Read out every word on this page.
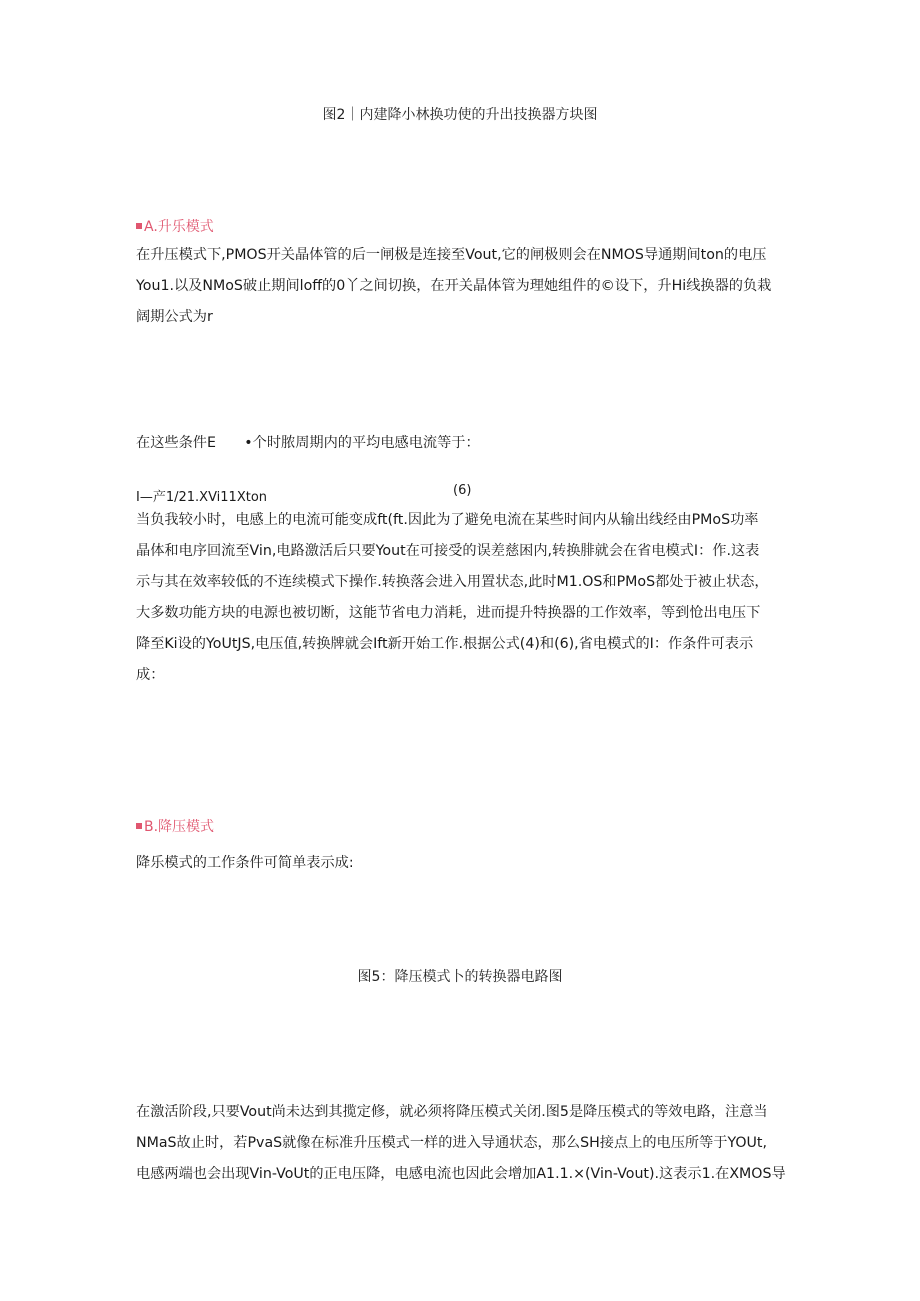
图2｜内建降小林换功使的升出技换器方块图
A.升乐模式
在升压模式下,PMOS开关晶体管的后一闸极是连接至Vout,它的闸极则会在NMOS导通期间ton的电压
You1.以及NMoS破止期间loff的0丫之间切换，在开关晶体管为理她组件的©设下，升Hi线换器的负栽
阔期公式为r
在这些条件E　　•个时脓周期内的平均电感电流等于：
I—产1/21.XVi11Xton	(6)
当负我较小时，电感上的电流可能变成ft(ft.因此为了避免电流在某些时间内从输出线经由PMoS功率
晶体和电序回流至Vin,电路激活后只要Yout在可接受的误差慈困内,转换腓就会在省电模式I：作.这表
示与其在效率较低的不连续模式下操作.转换落会进入用置状态,此时M1.OS和PMoS都处于被止状态，
大多数功能方块的电源也被切断，这能节省电力消耗，进而提升特换器的工作效率，等到怆出电压下
降至Ki设的YoUtJS,电压值,转换牌就会Ift新开始工作.根据公式(4)和(6),省电模式的I：作条件可表示
成：
B.降压模式
降乐模式的工作条件可简单表示成:
图5：降压模式卜的转换器电路图
在激活阶段,只要Vout尚未达到其揽定修，就必须将降压模式关闭.图5是降压模式的等效电路，注意当
NMaS故止时，若PvaS就像在标准升压模式一样的进入导通状态，那么SH接点上的电压所等于YOUt,
电感两端也会出现Vin-VoUt的正电压降，电感电流也因此会增加A1.1.×(Vin-Vout).这表示1.在XMOS导
